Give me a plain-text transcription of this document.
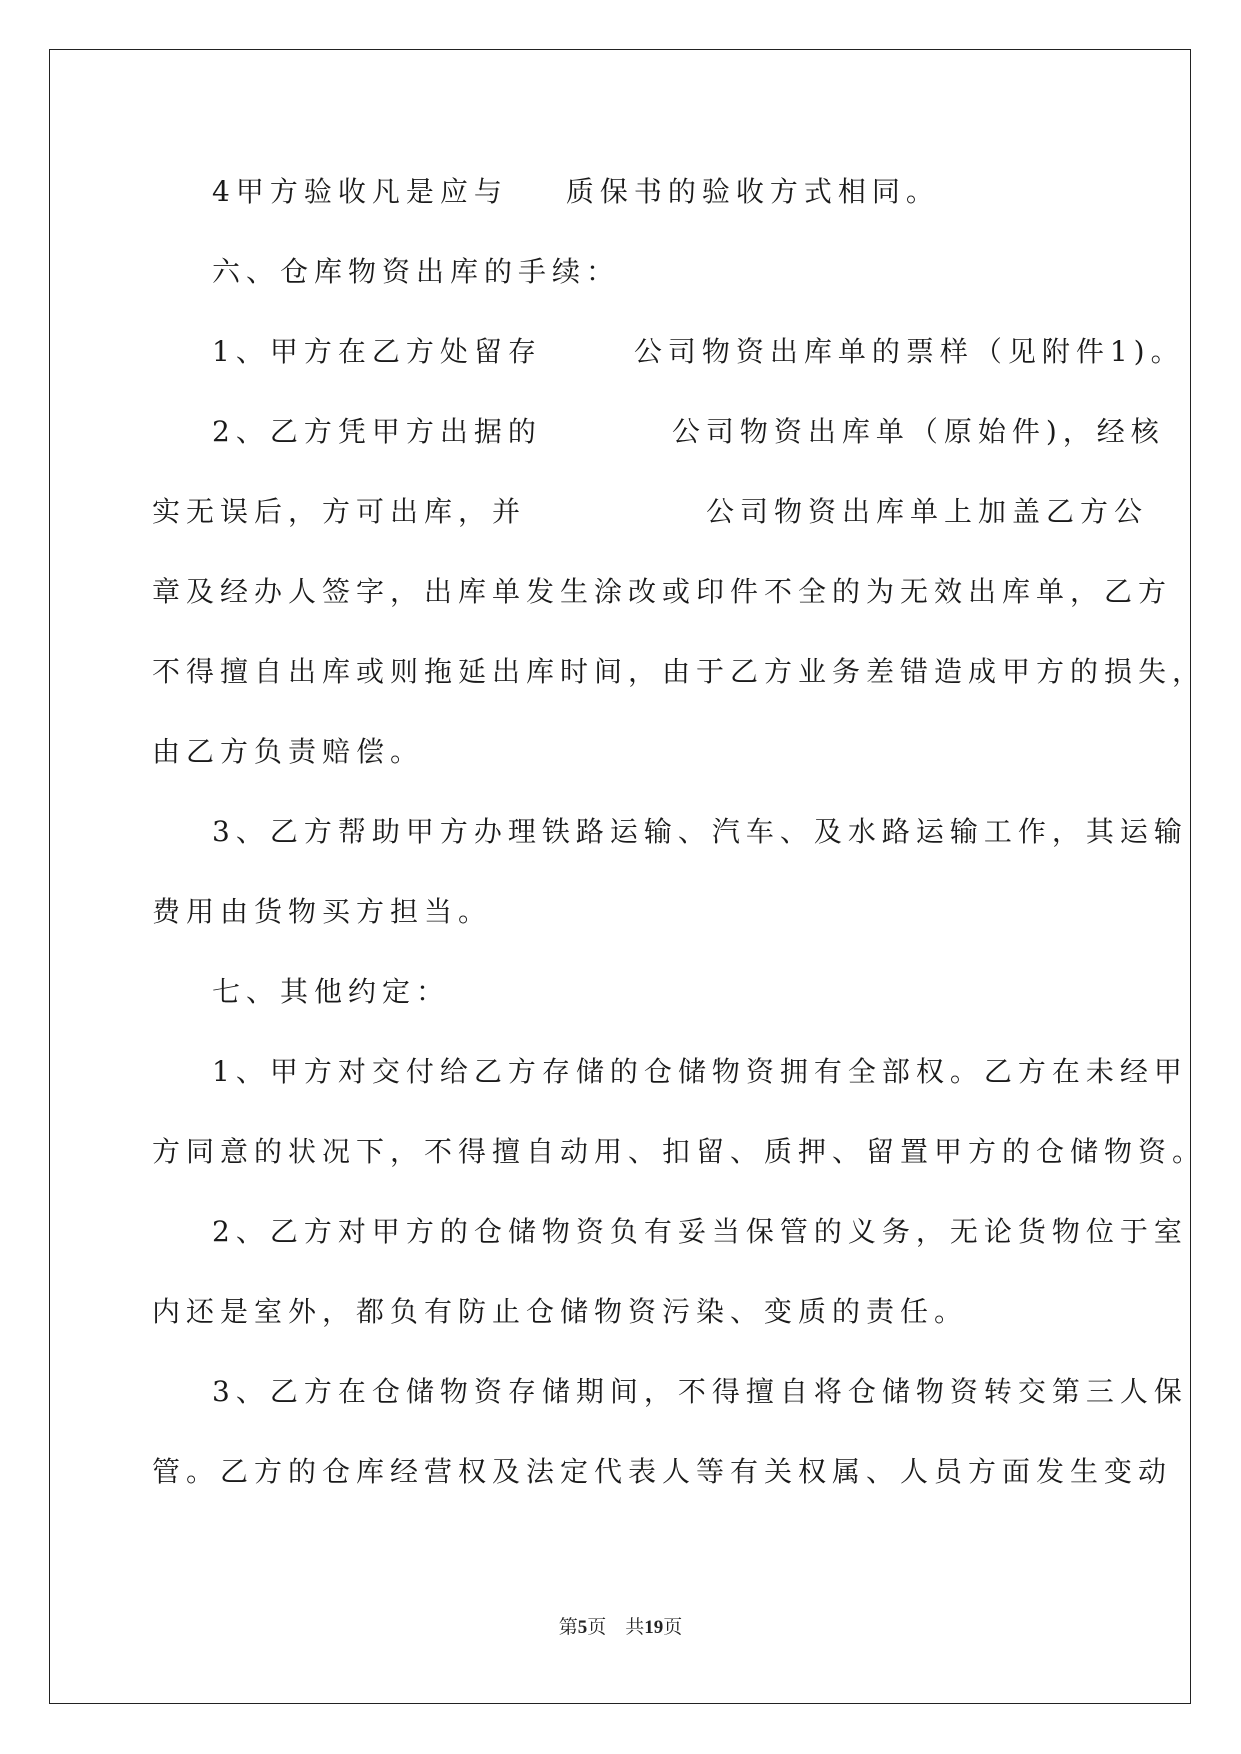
4甲方验收凡是应与 质保书的验收方式相同。
六、仓库物资出库的手续：
1、甲方在乙方处留存	公司物资出库单的票样（见附件1)。
2、乙方凭甲方出据的	公司物资出库单（原始件)，经核
实无误后，方可出库，并	公司物资出库单上加盖乙方公
章及经办人签字，出库单发生涂改或印件不全的为无效出库单，乙方
不得擅自出库或则拖延出库时间，由于乙方业务差错造成甲方的损失，
由乙方负责赔偿。
3、乙方帮助甲方办理铁路运输、汽车、及水路运输工作，其运输
费用由货物买方担当。
七、其他约定：
1、甲方对交付给乙方存储的仓储物资拥有全部权。乙方在未经甲
方同意的状况下，不得擅自动用、扣留、质押、留置甲方的仓储物资。
2、乙方对甲方的仓储物资负有妥当保管的义务，无论货物位于室
内还是室外，都负有防止仓储物资污染、变质的责任。
3、乙方在仓储物资存储期间，不得擅自将仓储物资转交第三人保
管。乙方的仓库经营权及法定代表人等有关权属、人员方面发生变动
第5页 共19页
